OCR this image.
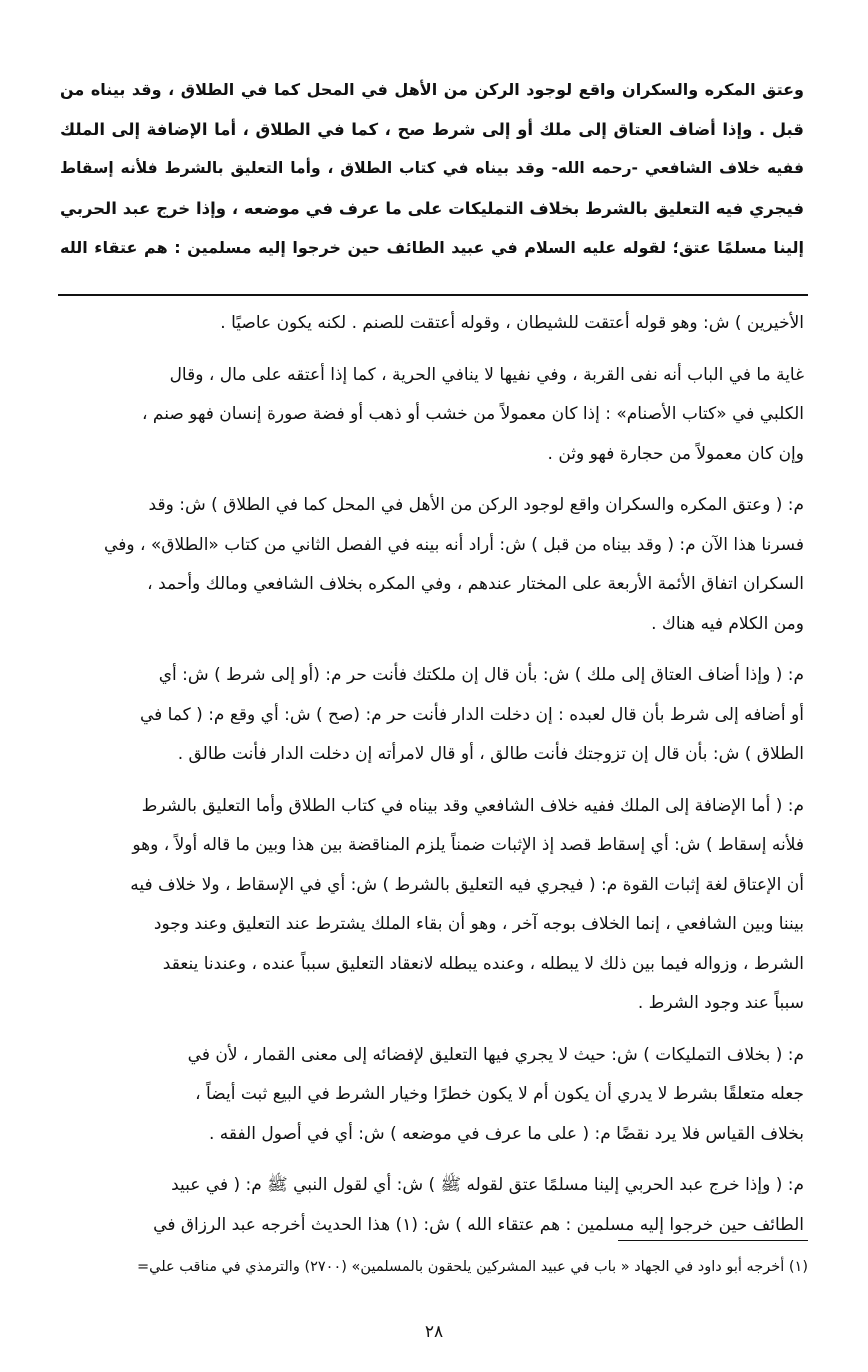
وعتق المكره والسكران واقع لوجود الركن من الأهل في المحل كما في الطلاق ، وقد بيناه من
قبل . وإذا أضاف العتاق إلى ملك أو إلى شرط صح ، كما في الطلاق ، أما الإضافة إلى الملك
ففيه خلاف الشافعي -رحمه الله- وقد بيناه في كتاب الطلاق ، وأما التعليق بالشرط فلأنه إسقاط
فيجري فيه التعليق بالشرط بخلاف التمليكات على ما عرف في موضعه ، وإذا خرج عبد الحربي
إلينا مسلمًا عتق؛ لقوله عليه السلام في عبيد الطائف حين خرجوا إليه مسلمين : هم عتقاء الله

الأخيرين ) ش: وهو قوله أعتقت للشيطان ، وقوله أعتقت للصنم . لكنه يكون عاصيًا .

غاية ما في الباب أنه نفى القربة ، وفي نفيها لا ينافي الحرية ، كما إذا أعتقه على مال ، وقال
الكلبي في «كتاب الأصنام» : إذا كان معمولاً من خشب أو ذهب أو فضة صورة إنسان فهو صنم ،
وإن كان معمولاً من حجارة فهو وثن .

م: ( وعتق المكره والسكران واقع لوجود الركن من الأهل في المحل كما في الطلاق ) ش: وقد
فسرنا هذا الآن م: ( وقد بيناه من قبل ) ش: أراد أنه بينه في الفصل الثاني من كتاب «الطلاق» ، وفي
السكران اتفاق الأئمة الأربعة على المختار عندهم ، وفي المكره بخلاف الشافعي ومالك وأحمد ،
ومن الكلام فيه هناك .

م: ( وإذا أضاف العتاق إلى ملك ) ش: بأن قال إن ملكتك فأنت حر م: (أو إلى شرط ) ش: أي
أو أضافه إلى شرط بأن قال لعبده : إن دخلت الدار فأنت حر م: (صح ) ش: أي وقع م: ( كما في
الطلاق ) ش: بأن قال إن تزوجتك فأنت طالق ، أو قال لامرأته إن دخلت الدار فأنت طالق .

م: ( أما الإضافة إلى الملك ففيه خلاف الشافعي وقد بيناه في كتاب الطلاق وأما التعليق بالشرط
فلأنه إسقاط ) ش: أي إسقاط قصد إذ الإثبات ضمناً يلزم المناقضة بين هذا وبين ما قاله أولاً ، وهو
أن الإعتاق لغة إثبات القوة م: ( فيجري فيه التعليق بالشرط ) ش: أي في الإسقاط ، ولا خلاف فيه
بيننا وبين الشافعي ، إنما الخلاف بوجه آخر ، وهو أن بقاء الملك يشترط عند التعليق وعند وجود
الشرط ، وزواله فيما بين ذلك لا يبطله ، وعنده يبطله لانعقاد التعليق سبباً عنده ، وعندنا ينعقد
سبباً عند وجود الشرط .

م: ( بخلاف التمليكات ) ش: حيث لا يجري فيها التعليق لإفضائه إلى معنى القمار ، لأن في
جعله متعلقًا بشرط لا يدري أن يكون أم لا يكون خطرًا وخيار الشرط في البيع ثبت أيضاً ،
بخلاف القياس فلا يرد نقضًا م: ( على ما عرف في موضعه ) ش: أي في أصول الفقه .

م: ( وإذا خرج عبد الحربي إلينا مسلمًا عتق لقوله ﷺ ) ش: أي لقول النبي ﷺ م: ( في عبيد
الطائف حين خرجوا إليه مسلمين : هم عتقاء الله ) ش: (١) هذا الحديث أخرجه عبد الرزاق في

(١) أخرجه أبو داود في الجهاد « باب في عبيد المشركين يلحقون بالمسلمين» (٢٧٠٠) والترمذي في مناقب علي=
٢٨
